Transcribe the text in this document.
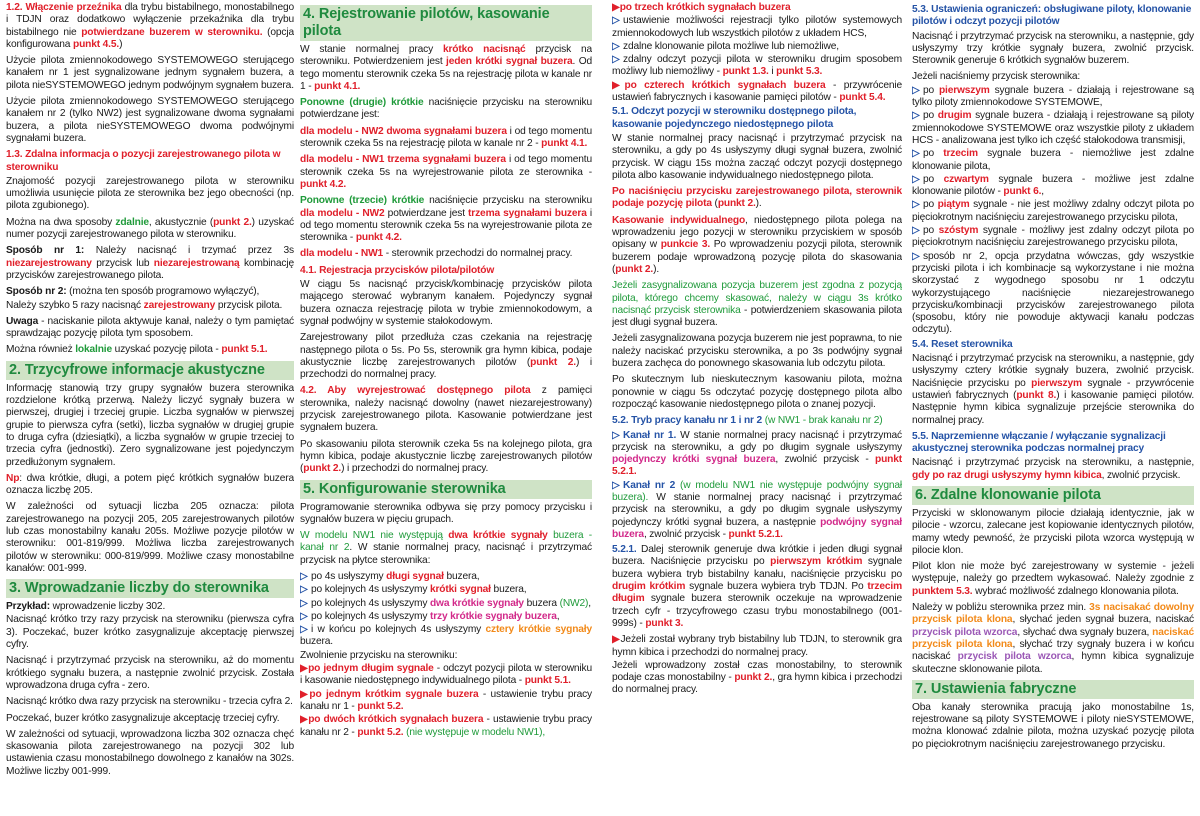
1.2. Włączenie przeźnika dla trybu bistabilnego, monostabilnego i TDJN oraz dodatkowo wyłączenie przekaźnika dla trybu bistabilnego nie potwierdzane buzerem w sterowniku. (opcja konfigurowana punkt 4.5.)

Użycie pilota zmiennokodowego SYSTEMOWEGO sterującego kanałem nr 1 jest sygnalizowane jednym sygnałem buzera, a pilota nieSYSTEMOWEGO jednym podwójnym sygnałem buzera.

Użycie pilota zmiennokodowego SYSTEMOWEGO sterującego kanałem nr 2 (tylko NW2) jest sygnalizowane dwoma sygnałami buzera, a pilota nieSYSTEMOWEGO dwoma podwójnymi sygnałami buzera.

1.3. Zdalna informacja o pozycji zarejestrowanego pilota w sterowniku

Znajomość pozycji zarejestrowanego pilota w sterowniku umożliwia usunięcie pilota ze sterownika bez jego obecności (np. pilota zgubionego).

Można na dwa sposoby zdalnie, akustycznie (punkt 2.) uzyskać numer pozycji zarejestrowanego pilota w sterowniku.

Sposób nr 1: Należy nacisnąć i trzymać przez 3s niezarejestrowany przycisk lub niezarejestrowaną kombinację przycisków zarejestrowanego pilota.

Sposób nr 2: (można ten sposób programowo wyłączyć),

Należy szybko 5 razy nacisnąć zarejestrowany przycisk pilota.

Uwaga - naciskanie pilota aktywuje kanał, należy o tym pamiętać sprawdzając pozycję pilota tym sposobem.

Można również lokalnie uzyskać pozycję pilota - punkt 5.1.

2. Trzycyfrowe informacje akustyczne

Informację stanowią trzy grupy sygnałów buzera sterownika rozdzielone krótką przerwą. Należy liczyć sygnały buzera w pierwszej, drugiej i trzeciej grupie. Liczba sygnałów w pierwszej grupie to pierwsza cyfra (setki), liczba sygnałów w drugiej grupie to druga cyfra (dziesiątki), a liczba sygnałów w grupie trzeciej to trzecia cyfra (jednostki). Zero sygnalizowane jest pojedynczym przedłużonym sygnałem.

Np: dwa krótkie, długi, a potem pięć krótkich sygnałów buzera oznacza liczbę 205.

W zależności od sytuacji liczba 205 oznacza: pilota zarejestrowanego na pozycji 205, 205 zarejestrowanych pilotów lub czas monostabilny kanału 205s. Możliwe pozycje pilotów w sterowniku: 001-819/999. Możliwa liczba zarejestrowanych pilotów w sterowniku: 000-819/999. Możliwe czasy monostabilne kanałów: 001-999.

3. Wprowadzanie liczby do sterownika

Przykład: wprowadzenie liczby 302.

Nacisnąć krótko trzy razy przycisk na sterowniku (pierwsza cyfra 3). Poczekać, buzer krótko zasygnalizuje akceptację pierwszej cyfry.

Nacisnąć i przytrzymać przycisk na sterowniku, aż do momentu krótkiego sygnału buzera, a następnie zwolnić przycisk. Została wprowadzona druga cyfra - zero.

Nacisnąć krótko dwa razy przycisk na sterowniku - trzecia cyfra 2.

Poczekać, buzer krótko zasygnalizuje akceptację trzeciej cyfry.

W zależności od sytuacji, wprowadzona liczba 302 oznacza chęć skasowania pilota zarejestrowanego na pozycji 302 lub ustawienia czasu monostabilnego dowolnego z kanałów na 302s. Możliwe liczby 001-999.

4. Rejestrowanie pilotów, kasowanie pilota

W stanie normalnej pracy krótko nacisnąć przycisk na sterowniku. Potwierdzeniem jest jeden krótki sygnał buzera. Od tego momentu sterownik czeka 5s na rejestrację pilota w kanale nr 1 - punkt 4.1.

Ponowne (drugie) krótkie naciśnięcie przycisku na sterowniku potwierdzane jest:

dla modelu - NW2 dwoma sygnałami buzera i od tego momentu sterownik czeka 5s na rejestrację pilota w kanale nr 2 - punkt 4.1.

dla modelu - NW1 trzema sygnałami buzera i od tego momentu sterownik czeka 5s na wyrejestrowanie pilota ze sterownika - punkt 4.2.

Ponowne (trzecie) krótkie naciśnięcie przycisku na sterowniku dla modelu - NW2 potwierdzane jest trzema sygnałami buzera i od tego momentu sterownik czeka 5s na wyrejestrowanie pilota ze sterownika - punkt 4.2.

dla modelu - NW1 - sterownik przechodzi do normalnej pracy.

4.1. Rejestracja przycisków pilota/pilotów

W ciągu 5s nacisnąć przycisk/kombinację przycisków pilota mającego sterować wybranym kanałem. Pojedynczy sygnał buzera oznacza rejestrację pilota w trybie zmiennokodowym, a sygnał podwójny w systemie stałokodowym.

Zarejestrowany pilot przedłuża czas czekania na rejestrację następnego pilota o 5s. Po 5s, sterownik gra hymn kibica, podaje akustycznie liczbę zarejestrowanych pilotów (punkt 2.) i przechodzi do normalnej pracy.

4.2. Aby wyrejestrować dostępnego pilota z pamięci sterownika, należy nacisnąć dowolny (nawet niezarejestrowany) przycisk zarejestrowanego pilota. Kasowanie potwierdzane jest sygnałem buzera.

Po skasowaniu pilota sterownik czeka 5s na kolejnego pilota, gra hymn kibica, podaje akustycznie liczbę zarejestrowanych pilotów (punkt 2.) i przechodzi do normalnej pracy.

5. Konfigurowanie sterownika

Programowanie sterownika odbywa się przy pomocy przycisku i sygnałów buzera w pięciu grupach.

W modelu NW1 nie występują dwa krótkie sygnały buzera - kanał nr 2. W stanie normalnej pracy, nacisnąć i przytrzymać przycisk na płytce sterownika:

▷ po 4s usłyszymy długi sygnał buzera,

▷ po kolejnych 4s usłyszymy krótki sygnał buzera,

▷ po kolejnych 4s usłyszymy dwa krótkie sygnały buzera (NW2),

▷ po kolejnych 4s usłyszymy trzy krótkie sygnały buzera,

▷ i w końcu po kolejnych 4s usłyszymy cztery krótkie sygnały buzera.

Zwolnienie przycisku na sterowniku:

▶po jednym długim sygnale - odczyt pozycji pilota w sterowniku i kasowanie niedostępnego indywidualnego pilota - punkt 5.1.

▶po jednym krótkim sygnale buzera - ustawienie trybu pracy kanału nr 1 - punkt 5.2.

▶po dwóch krótkich sygnałach buzera - ustawienie trybu pracy kanału nr 2 - punkt 5.2. (nie występuje w modelu NW1),

▶po trzech krótkich sygnałach buzera

▷ ustawienie możliwości rejestracji tylko pilotów systemowych zmiennokodowych lub wszystkich pilotów z układem HCS,

▷ zdalne klonowanie pilota możliwe lub niemożliwe,

▷ zdalny odczyt pozycji pilota w sterowniku drugim sposobem możliwy lub niemożliwy - punkt 1.3. i punkt 5.3.

▶po czterech krótkich sygnałach buzera - przywrócenie ustawień fabrycznych i kasowanie pamięci pilotów - punkt 5.4.

5.1. Odczyt pozycji w sterowniku dostępnego pilota, kasowanie pojedynczego niedostępnego pilota

W stanie normalnej pracy nacisnąć i przytrzymać przycisk na sterowniku, a gdy po 4s usłyszymy długi sygnał buzera, zwolnić przycisk. W ciągu 15s można zacząć odczyt pozycji dostępnego pilota albo kasowanie indywidualnego niedostępnego pilota.

Po naciśnięciu przycisku zarejestrowanego pilota, sterownik podaje pozycję pilota (punkt 2.).

Kasowanie indywidualnego, niedostępnego pilota polega na wprowadzeniu jego pozycji w sterowniku przyciskiem w sposób opisany w punkcie 3. Po wprowadzeniu pozycji pilota, sterownik buzerem podaje wprowadzoną pozycję pilota do skasowania (punkt 2.).

Jeżeli zasygnalizowana pozycja buzerem jest zgodna z pozycją pilota, którego chcemy skasować, należy w ciągu 3s krótko nacisnąć przycisk sterownika - potwierdzeniem skasowania pilota jest długi sygnał buzera.

Jeżeli zasygnalizowana pozycja buzerem nie jest poprawna, to nie należy naciskać przycisku sterownika, a po 3s podwójny sygnał buzera zachęca do ponownego skasowania lub odczytu pilota.

Po skutecznym lub nieskutecznym kasowaniu pilota, można ponownie w ciągu 5s odczytać pozycję dostępnego pilota albo rozpocząć kasowanie niedostępnego pilota o znanej pozycji.

5.2. Tryb pracy kanału nr 1 i nr 2 (w NW1 - brak kanału nr 2)

▷ Kanał nr 1. W stanie normalnej pracy nacisnąć i przytrzymać przycisk na sterowniku, a gdy po długim sygnale usłyszymy pojedynczy krótki sygnał buzera, zwolnić przycisk - punkt 5.2.1.

▷ Kanał nr 2 (w modelu NW1 nie występuje podwójny sygnał buzera). W stanie normalnej pracy nacisnąć i przytrzymać przycisk na sterowniku, a gdy po długim sygnale usłyszymy pojedynczy krótki sygnał buzera, a następnie podwójny sygnał buzera, zwolnić przycisk - punkt 5.2.1.

5.2.1. Dalej sterownik generuje dwa krótkie i jeden długi sygnał buzera. Naciśnięcie przycisku po pierwszym krótkim sygnale buzera wybiera tryb bistabilny kanału, naciśnięcie przycisku po drugim krótkim sygnale buzera wybiera tryb TDJN. Po trzecim długim sygnale buzera sterownik oczekuje na wprowadzenie trzech cyfr - trzycyfrowego czasu trybu monostabilnego (001-999s) - punkt 3.

▶Jeżeli został wybrany tryb bistabilny lub TDJN, to sterownik gra hymn kibica i przechodzi do normalnej pracy.

Jeżeli wprowadzony został czas monostabilny, to sterownik podaje czas monostabilny - punkt 2., gra hymn kibica i przechodzi do normalnej pracy.

5.3. Ustawienia ograniczeń: obsługiwane piloty, klonowanie pilotów i odczyt pozycji pilotów

Nacisnąć i przytrzymać przycisk na sterowniku, a następnie, gdy usłyszymy trzy krótkie sygnały buzera, zwolnić przycisk. Sterownik generuje 6 krótkich sygnałów buzerem.

Jeżeli naciśniemy przycisk sterownika:

▷ po pierwszym sygnale buzera - działają i rejestrowane są tylko piloty zmiennokodowe SYSTEMOWE,

▷ po drugim sygnale buzera - działają i rejestrowane są piloty zmiennokodowe SYSTEMOWE oraz wszystkie piloty z układem HCS - analizowana jest tylko ich część stałokodowa transmisji,

▷ po trzecim sygnale buzera - niemożliwe jest zdalne klonowanie pilota,

▷ po czwartym sygnale buzera - możliwe jest zdalne klonowanie pilotów - punkt 6.,

▷ po piątym sygnale - nie jest możliwy zdalny odczyt pilota po pięciokrotnym naciśnięciu zarejestrowanego przycisku pilota,

▷ po szóstym sygnale - możliwy jest zdalny odczyt pilota po pięciokrotnym naciśnięciu zarejestrowanego przycisku pilota,

▷ sposób nr 2, opcja przydatna wówczas, gdy wszystkie przyciski pilota i ich kombinacje są wykorzystane i nie można skorzystać z wygodnego sposobu nr 1 odczytu wykorzystującego naciśnięcie niezarejestrowanego przycisku/kombinacji przycisków zarejestrowanego pilota (sposobu, który nie powoduje aktywacji kanału podczas odczytu).

5.4. Reset sterownika

Nacisnąć i przytrzymać przycisk na sterowniku, a następnie, gdy usłyszymy cztery krótkie sygnały buzera, zwolnić przycisk. Naciśnięcie przycisku po pierwszym sygnale - przywrócenie ustawień fabrycznych (punkt 8.) i kasowanie pamięci pilotów. Następnie hymn kibica sygnalizuje przejście sterownika do normalnej pracy.

5.5. Naprzemienne włączanie / wyłączanie sygnalizacji akustycznej sterownika podczas normalnej pracy

Nacisnąć i przytrzymać przycisk na sterowniku, a następnie, gdy po raz drugi usłyszymy hymn kibica, zwolnić przycisk.

6. Zdalne klonowanie pilota

Przyciski w sklonowanym pilocie działają identycznie, jak w pilocie - wzorcu, zalecane jest kopiowanie identycznych pilotów, mamy wtedy pewność, że przyciski pilota wzorca występują w pilocie klon.

Pilot klon nie może być zarejestrowany w systemie - jeżeli występuje, należy go przedtem wykasować. Należy zgodnie z punktem 5.3. wybrać możliwość zdalnego klonowania pilota.

Należy w pobliżu sterownika przez min. 3s nacisakać dowolny przycisk pilota klona, słychać jeden sygnał buzera, naciskać przycisk pilota wzorca, słychać dwa sygnały buzera, naciskać przycisk pilota klona, słychać trzy sygnały buzera i w końcu naciskać przycisk pilota wzorca, hymn kibica sygnalizuje skuteczne sklonowanie pilota.

7. Ustawienia fabryczne

Oba kanały sterownika pracują jako monostabilne 1s, rejestrowane są piloty SYSTEMOWE i piloty nieSYSTEMOWE, można klonować zdalnie pilota, można uzyskać pozycję pilota po pięciokrotnym naciśnięciu zarejestrowanego przycisku.
